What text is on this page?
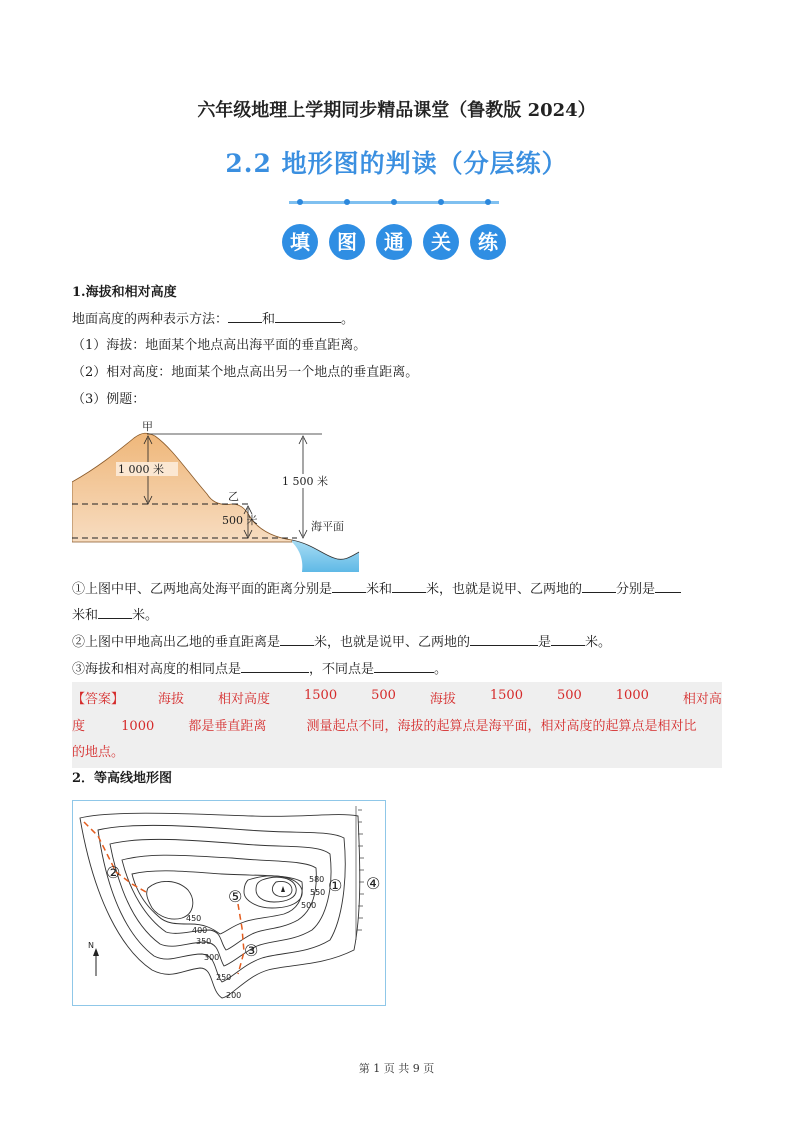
六年级地理上学期同步精品课堂（鲁教版 2024）
2.2 地形图的判读（分层练）
填	图	通	关	练
1.海拔和相对高度
地面高度的两种表示方法：	和	。
（1）海拔：地面某个地点高出海平面的垂直距离。
（2）相对高度：地面某个地点高出另一个地点的垂直距离。
（3）例题：
甲
1 000 米
乙
500 米
1 500 米
海平面
①上图中甲、乙两地高处海平面的距离分别是	米和	米，也就是说甲、乙两地的	分别是
米和	米。
②上图中甲地高出乙地的垂直距离是	米，也就是说甲、乙两地的	是	米。
③海拔和相对高度的相同点是	，不同点是	。
【答案】	海拔	相对高度	1500	500	海拔	1500	500	1000	相对高
度	1000	都是垂直距离	测量起点不同，海拔的起算点是海平面，相对高度的起算点是相对比
的地点。
2．等高线地形图
①
②
③
④
⑤
580
550
500
450
400
350
300
250
200
N
第 1 页 共 9 页
